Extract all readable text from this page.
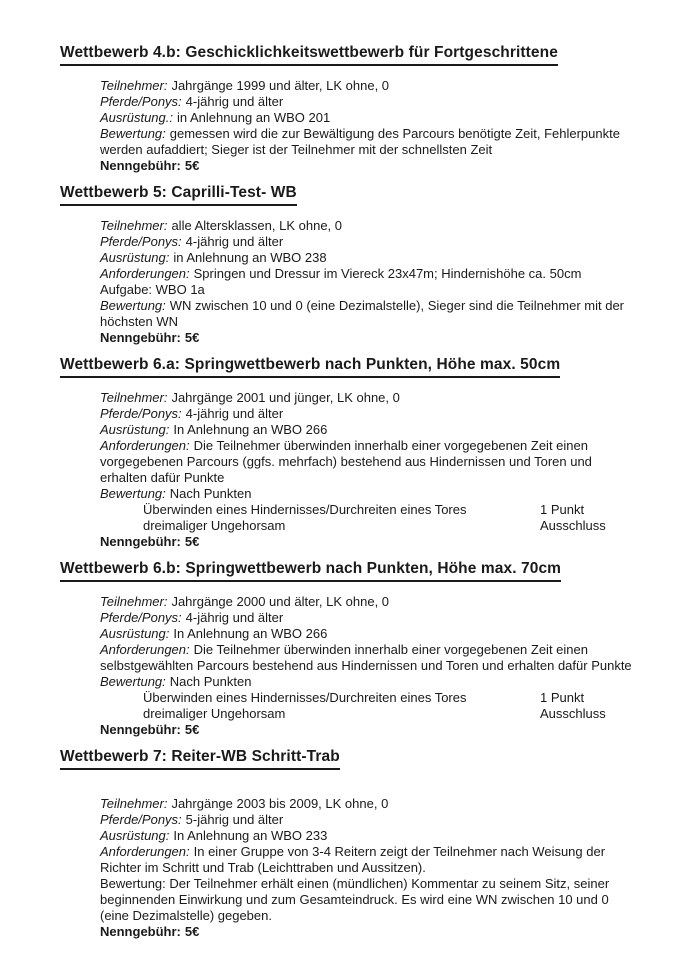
Wettbewerb 4.b: Geschicklichkeitswettbewerb für Fortgeschrittene

Teilnehmer: Jahrgänge 1999 und älter, LK ohne, 0

Pferde/Ponys: 4-jährig und älter

Ausrüstung.: in Anlehnung an WBO 201

Bewertung: gemessen wird die zur Bewältigung des Parcours benötigte Zeit, Fehlerpunkte werden aufaddiert; Sieger ist der Teilnehmer mit der schnellsten Zeit

Nenngebühr: 5€

Wettbewerb 5: Caprilli-Test- WB

Teilnehmer: alle Altersklassen, LK ohne, 0

Pferde/Ponys: 4-jährig und älter

Ausrüstung: in Anlehnung an WBO 238

Anforderungen: Springen und Dressur im Viereck 23x47m; Hindernishöhe ca. 50cm

Aufgabe: WBO 1a

Bewertung: WN zwischen 10 und 0 (eine Dezimalstelle), Sieger sind die Teilnehmer mit der höchsten WN

Nenngebühr: 5€

Wettbewerb 6.a: Springwettbewerb nach Punkten, Höhe max. 50cm

Teilnehmer: Jahrgänge 2001 und jünger, LK ohne, 0

Pferde/Ponys: 4-jährig und älter

Ausrüstung: In Anlehnung an WBO 266

Anforderungen: Die Teilnehmer überwinden innerhalb einer vorgegebenen Zeit einen vorgegebenen Parcours (ggfs. mehrfach) bestehend aus Hindernissen und Toren und erhalten dafür Punkte

Bewertung: Nach Punkten

Überwinden eines Hindernisses/Durchreiten eines Tores	1 Punkt

dreimaliger Ungehorsam	Ausschluss

Nenngebühr: 5€

Wettbewerb 6.b: Springwettbewerb nach Punkten, Höhe max. 70cm

Teilnehmer: Jahrgänge 2000 und älter, LK ohne, 0

Pferde/Ponys: 4-jährig und älter

Ausrüstung: In Anlehnung an WBO 266

Anforderungen: Die Teilnehmer überwinden innerhalb einer vorgegebenen Zeit einen selbstgewählten Parcours bestehend aus Hindernissen und Toren und erhalten dafür Punkte

Bewertung: Nach Punkten

Überwinden eines Hindernisses/Durchreiten eines Tores	1 Punkt

dreimaliger Ungehorsam	Ausschluss

Nenngebühr: 5€

Wettbewerb 7: Reiter-WB Schritt-Trab

Teilnehmer: Jahrgänge 2003 bis 2009, LK ohne, 0

Pferde/Ponys: 5-jährig und älter

Ausrüstung: In Anlehnung an WBO 233

Anforderungen: In einer Gruppe von 3-4 Reitern zeigt der Teilnehmer nach Weisung der Richter im Schritt und Trab (Leichttraben und Aussitzen).

Bewertung: Der Teilnehmer erhält einen (mündlichen) Kommentar zu seinem Sitz, seiner beginnenden Einwirkung und zum Gesamteindruck. Es wird eine WN zwischen 10 und 0 (eine Dezimalstelle) gegeben.

Nenngebühr: 5€
